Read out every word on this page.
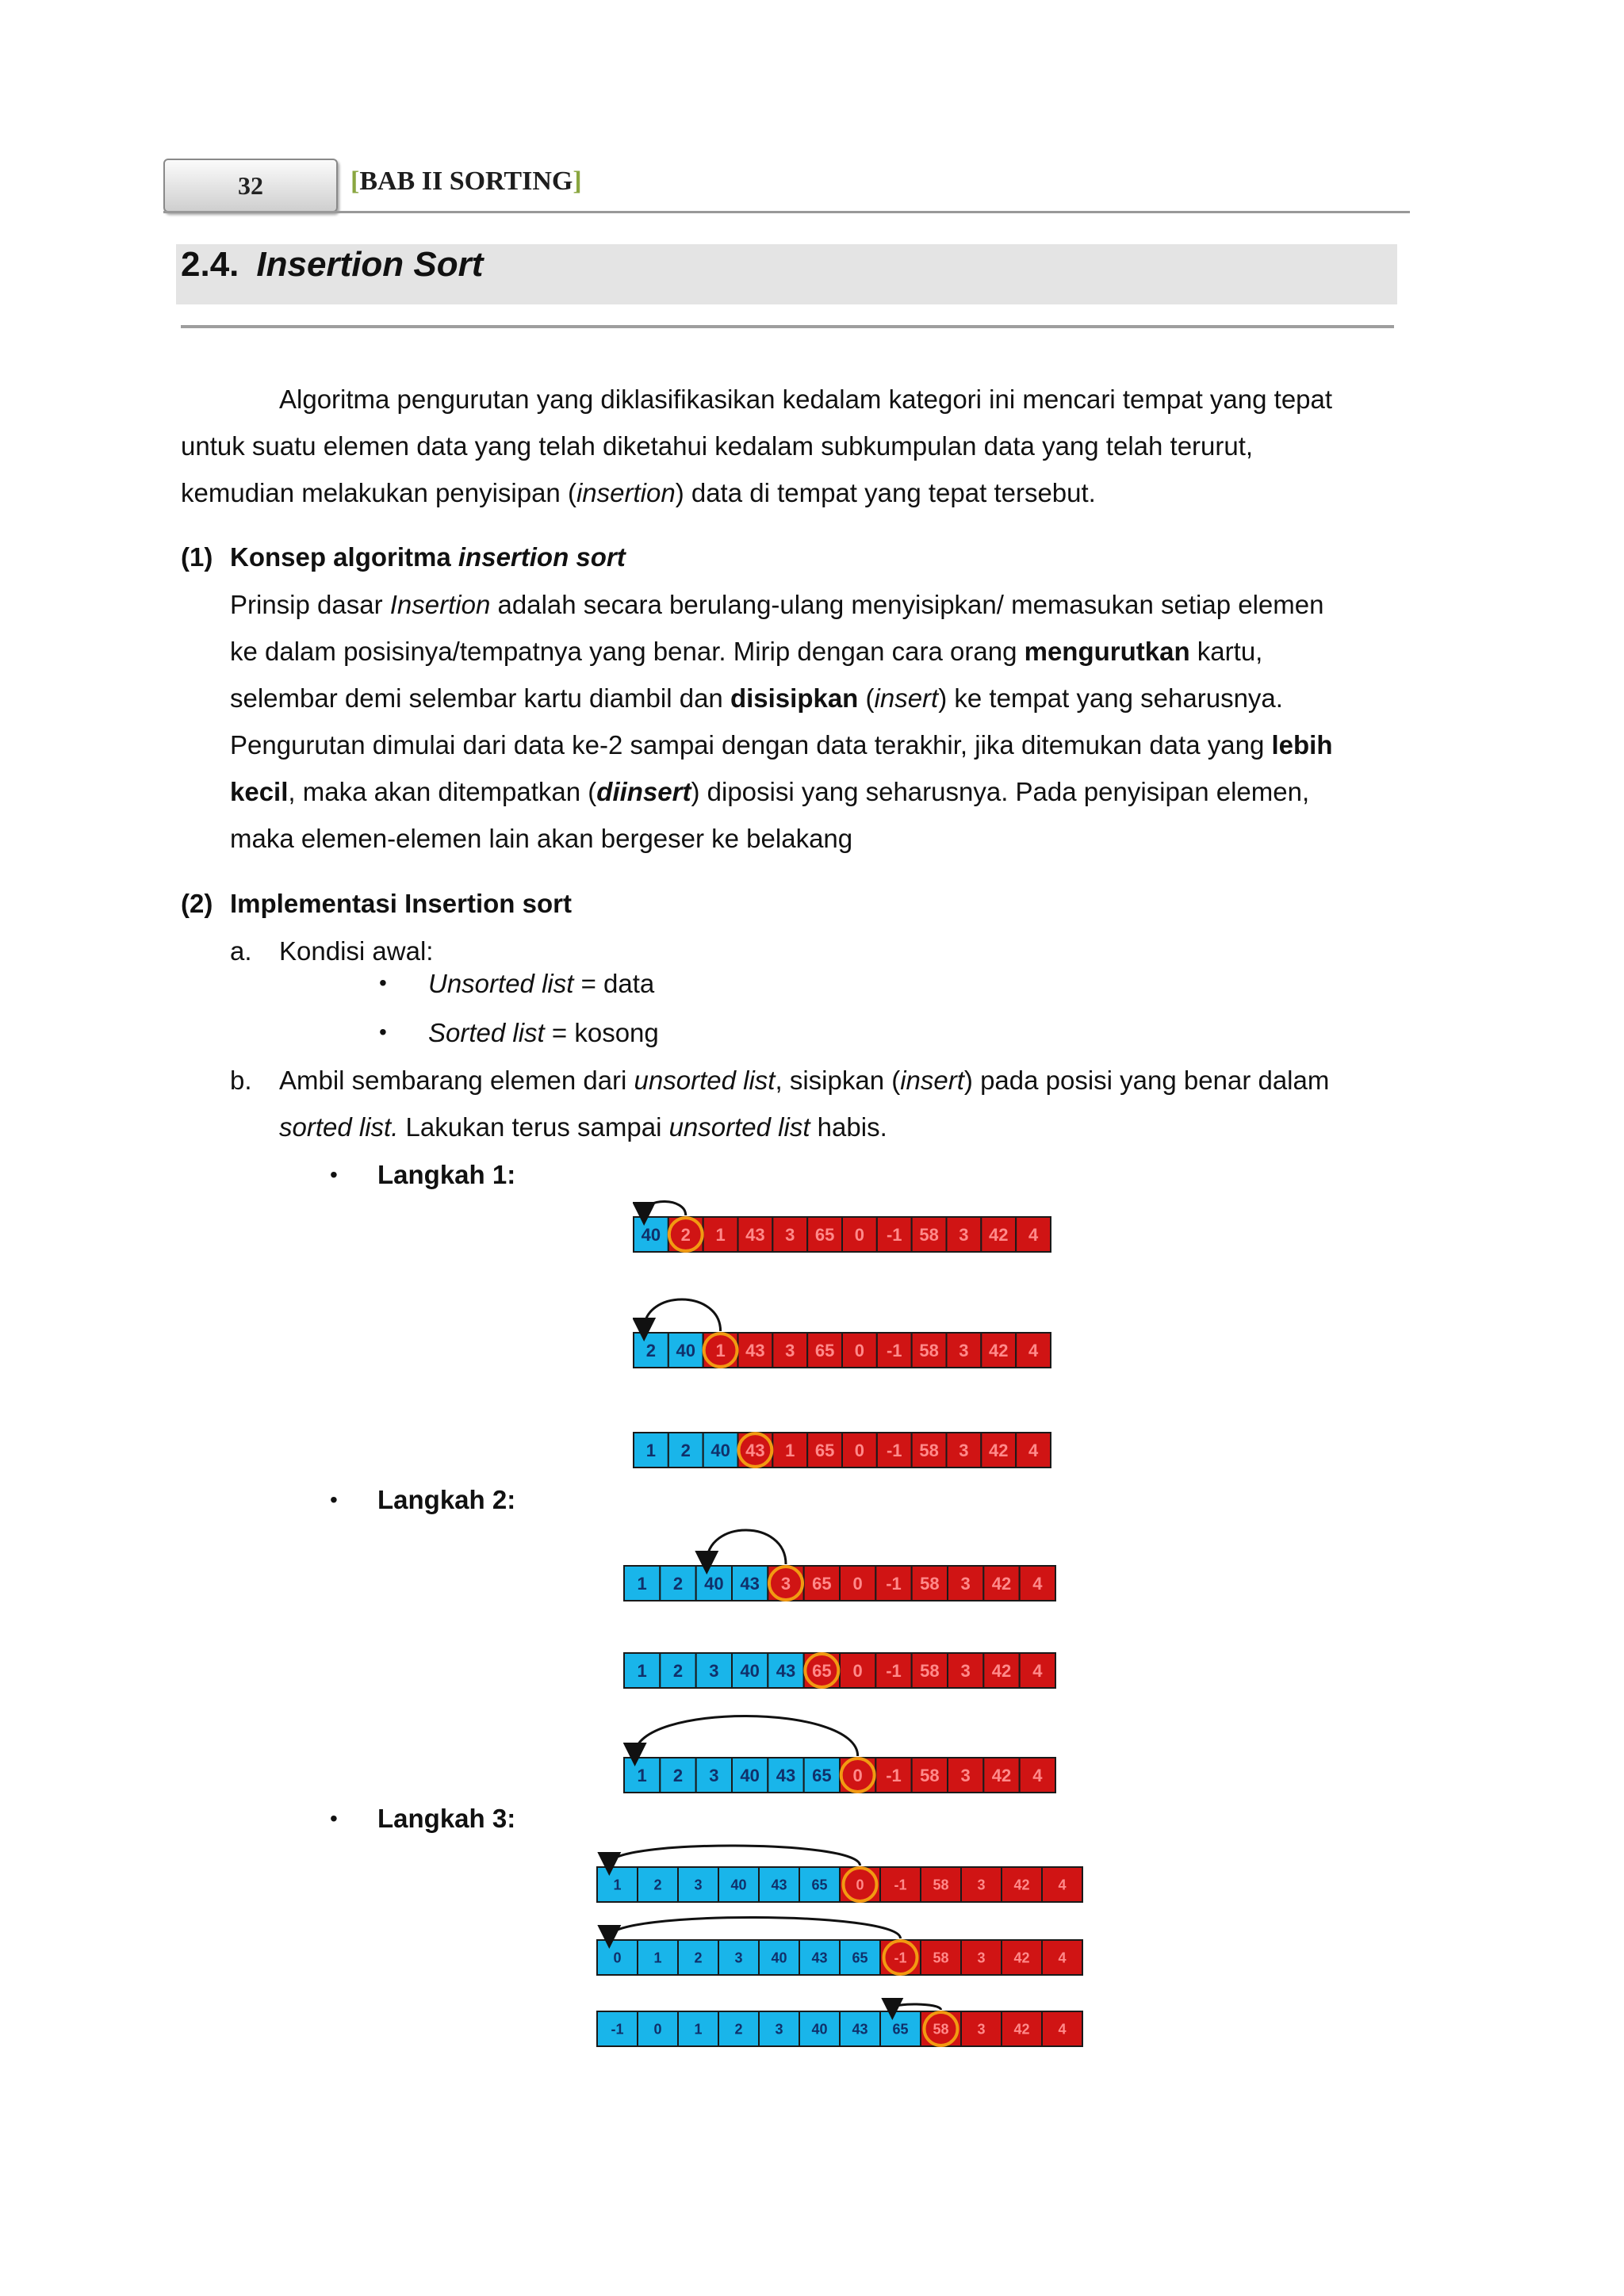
32	[BAB II SORTING]
2.4. Insertion Sort

Algoritma pengurutan yang diklasifikasikan kedalam kategori ini mencari tempat yang tepat

untuk suatu elemen data yang telah diketahui kedalam subkumpulan data yang telah terurut,

kemudian melakukan penyisipan (insertion) data di tempat yang tepat tersebut.

(1) Konsep algoritma insertion sort

Prinsip dasar Insertion adalah secara berulang-ulang menyisipkan/ memasukan setiap elemen

ke dalam posisinya/tempatnya yang benar. Mirip dengan cara orang mengurutkan kartu,

selembar demi selembar kartu diambil dan disisipkan (insert) ke tempat yang seharusnya.

Pengurutan dimulai dari data ke-2 sampai dengan data terakhir, jika ditemukan data yang lebih

kecil, maka akan ditempatkan (diinsert) diposisi yang seharusnya. Pada penyisipan elemen,

maka elemen-elemen lain akan bergeser ke belakang

(2) Implementasi Insertion sort
a. Kondisi awal:
• Unsorted list = data
• Sorted list = kosong
b. Ambil sembarang elemen dari unsorted list, sisipkan (insert) pada posisi yang benar dalam

sorted list. Lakukan terus sampai unsorted list habis.

• Langkah 1:
• Langkah 2:
• Langkah 3:
40 2 1 43 3 65 0 -1 58 3 42 4
2 40 1 43 3 65 0 -1 58 3 42 4
1 2 40 43 1 65 0 -1 58 3 42 4
1 2 40 43 3 65 0 -1 58 3 42 4
1 2 3 40 43 65 0 -1 58 3 42 4
1 2 3 40 43 65 0 -1 58 3 42 4
1 2 3 40 43 65 0 -1 58 3 42 4
0 1 2 3 40 43 65 -1 58 3 42 4
-1 0 1 2 3 40 43 65 58 3 42 4
